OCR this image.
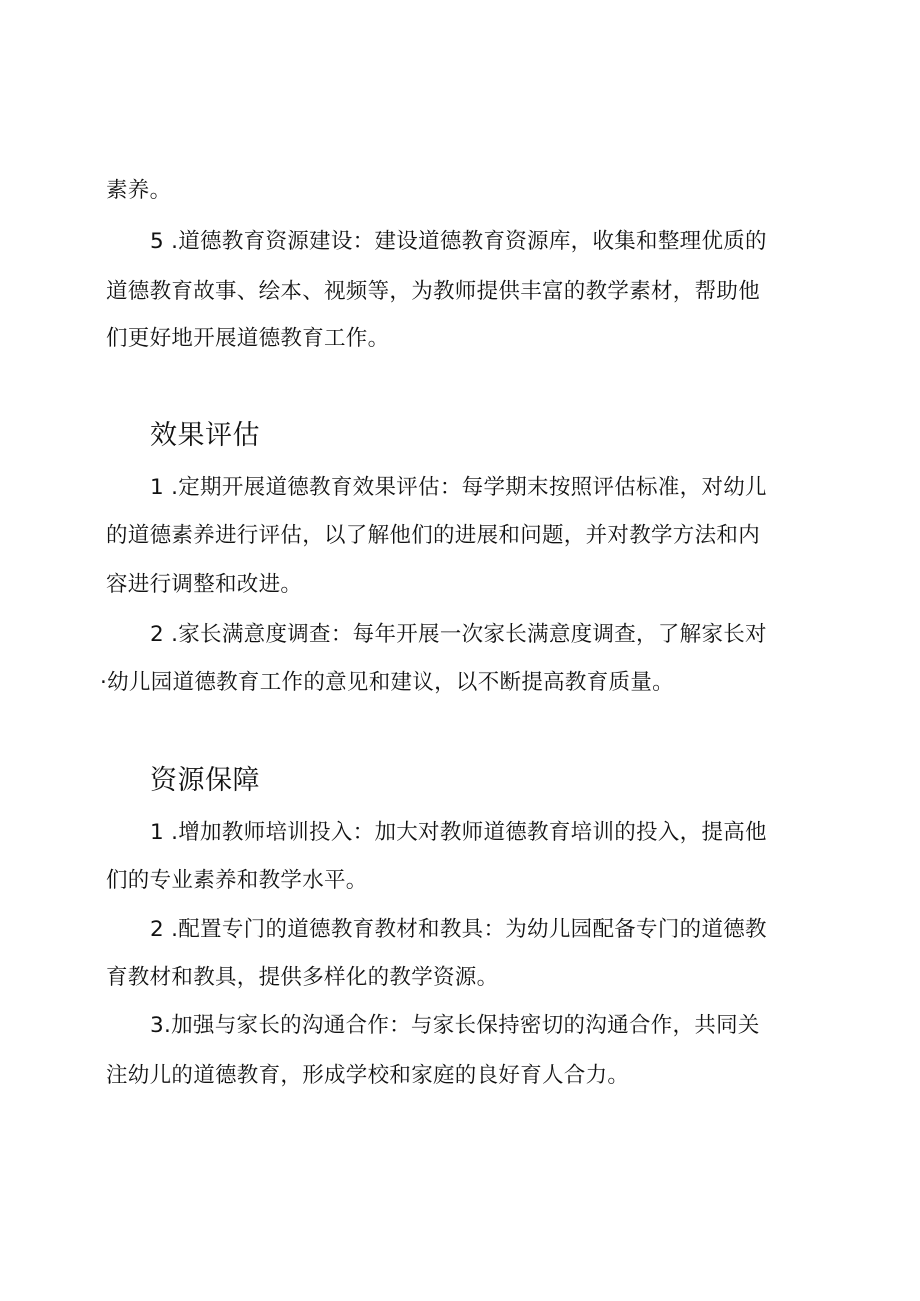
素养。
5 .道德教育资源建设：建设道德教育资源库，收集和整理优质的
道德教育故事、绘本、视频等，为教师提供丰富的教学素材，帮助他
们更好地开展道德教育工作。
效果评估
1 .定期开展道德教育效果评估：每学期末按照评估标准，对幼儿
的道德素养进行评估，以了解他们的进展和问题，并对教学方法和内
容进行调整和改进。
2 .家长满意度调查：每年开展一次家长满意度调查，了解家长对
·幼儿园道德教育工作的意见和建议，以不断提高教育质量。
资源保障
1 .增加教师培训投入：加大对教师道德教育培训的投入，提高他
们的专业素养和教学水平。
2 .配置专门的道德教育教材和教具：为幼儿园配备专门的道德教
育教材和教具，提供多样化的教学资源。
3.加强与家长的沟通合作：与家长保持密切的沟通合作，共同关
注幼儿的道德教育，形成学校和家庭的良好育人合力。
